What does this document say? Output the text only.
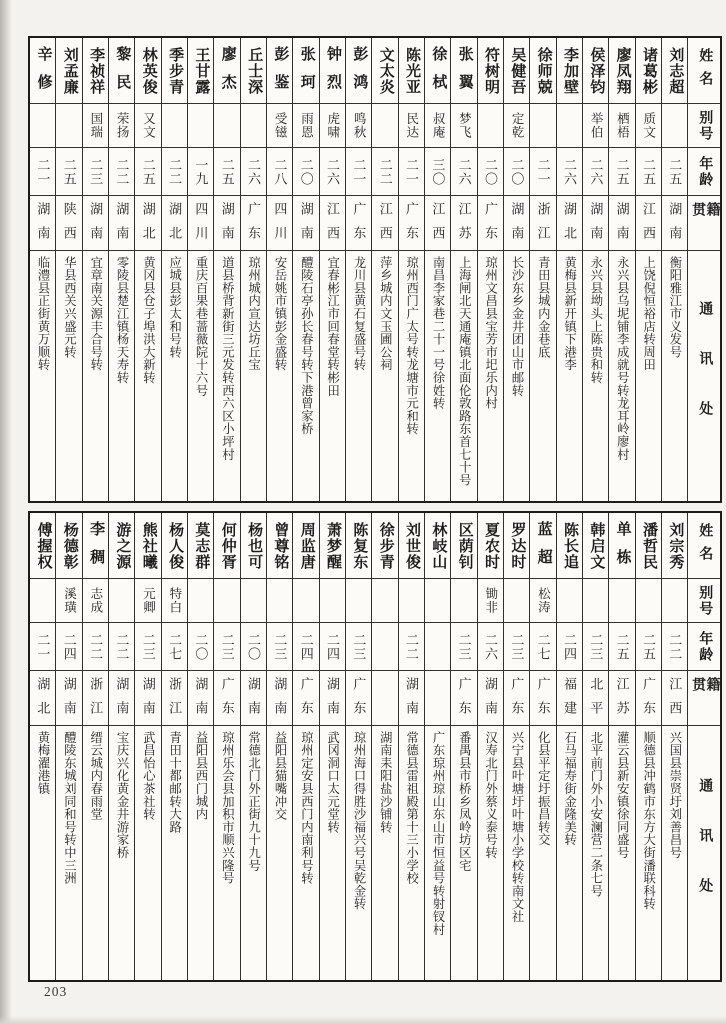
姓名
别号
年龄
籍贯
通讯处
刘志超
二五
湖南
衡阳雅江市义发号
诸葛彬
质文
二五
江西
上饶倪恒裕店转周田
廖凤翔
栖梧
二五
湖南
永兴县乌坭铺李成就号转龙耳岭廖村
侯泽钧
举伯
二六
湖南
永兴县坳头上陈贵和转
李加壁
二六
湖北
黄梅县新开镇下港李
徐师兢
二一
浙江
青田县城内金巷底
吴健吾
定乾
二〇
湖南
长沙东乡金井团山市邮转
符树明
二〇
广东
琼州文昌县宝芳市圯乐内村
张翼
梦飞
二六
江苏
上海闸北天通庵镇北面伦敦路东首七十号
徐栻
叔庵
三〇
江西
南昌李家巷二十一号徐姓转
陈光亚
民达
二一
广东
琼州西门广太号转龙塘市元和转
文太炎
二二
江西
萍乡城内文玉圃公祠
彭鸿
鸣秋
二一
广东
龙川县黄石复盛号转
钟烈
虎啸
二六
江西
宜春彬江市回春堂转彬田
张珂
雨恩
二〇
湖南
醴陵石亭孙长春号转下港曾家桥
彭鉴
受镃
二八
四川
安岳姚市镇彭金盛转
丘士深
二六
广东
琼州城内宣达坊丘宝
廖杰
二五
湖南
道县桥背新街三元发转西六区小坪村
王甘露
一九
四川
重庆百果巷蔷薇院十六号
季步青
二二
湖北
应城县彭太和号转
林英俊
又文
二五
湖北
黄冈县仓子埠洪大新转
黎民
荣扬
二二
湖南
零陵县楚江镇杨天寿转
李祯祥
国瑞
二三
湖南
宜章南关源丰合号转
刘孟廉
二五
陕西
华县西关兴盛元转
辛修
二一
湖南
临澧县正街黄万顺转
姓名
别号
年龄
籍贯
通讯处
刘宗秀
二二
江西
兴国县崇贤圩刘善昌号
潘哲民
二五
广东
顺德县冲鹤市东方大街潘联科转
单栋
二五
江苏
灌云县新安镇徐同盛号
韩启文
二三
北平
北平前门外小安澜营二条七号
陈长追
二四
福建
石马福寿街金隆美转
蓝超
松涛
二七
广东
化县平定圩振昌转交
罗达时
二三
广东
兴宁县叶塘圩叶塘小学校转南文社
夏农时
锄非
二六
湖南
汉寿北门外蔡义泰号转
区荫钊
二三
广东
番禺县市桥乡凤岭坊区宅
林岐山
广东琼州琼山东山市恒益号转射钗村
刘世俊
二二
湖南
常德县雷祖殿第十三小学校
徐步青
湖南耒阳盐沙铺转
陈复东
二三
广东
琼州海口得胜沙福兴号吴乾金转
萧梦醒
二四
湖南
武冈洞口太元堂转
周监唐
二四
广东
琼州定安县西门内南利号转
曾尊铭
二三
湖南
益阳县猫嘴冲交
杨也可
二〇
湖南
常德北门外正街九十九号
何仲胥
二三
广东
琼州乐会县加积市顺兴隆号
莫志群
二〇
湖南
益阳县西门城内
杨人俊
特白
二七
浙江
青田十都邮转大路
熊社曦
元卿
二三
湖南
武昌怡心茶社转
游之源
二二
湖南
宝庆兴化黄金井游家桥
李稠
志成
二二
浙江
缙云城内春雨堂
杨德彰
溪璜
二四
湖南
醴陵东城刘同和号转中三洲
傅握权
二一
湖北
黄梅濯港镇
203
